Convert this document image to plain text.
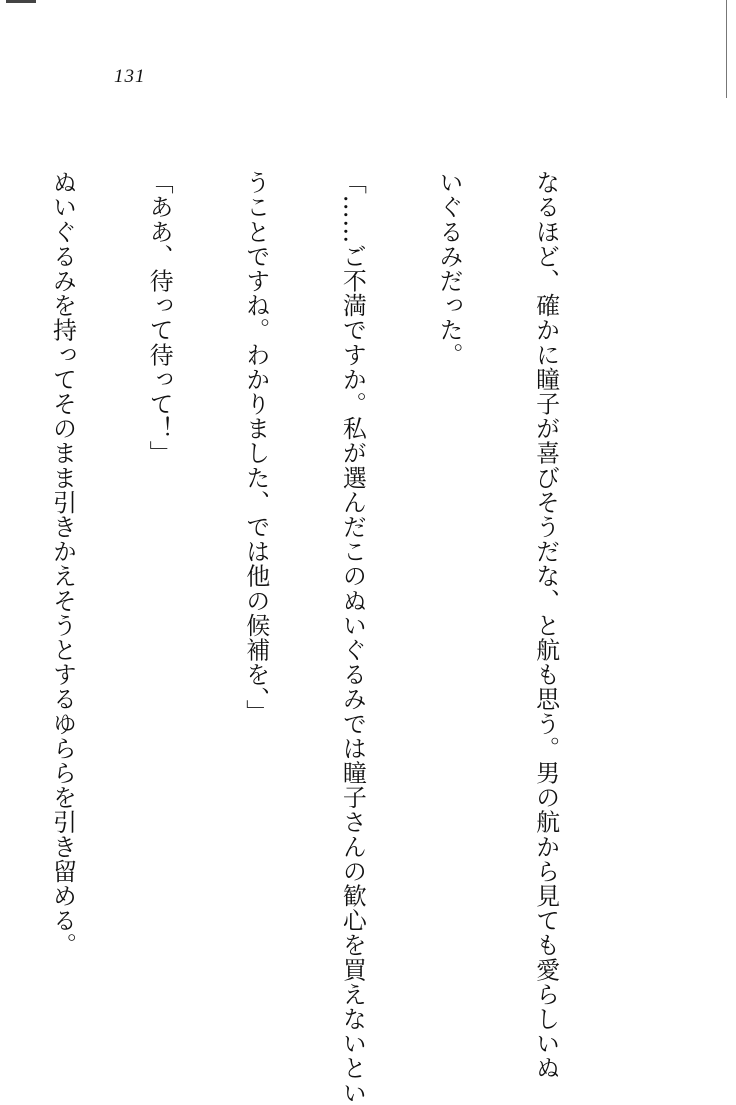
131

なるほど、確かに瞳子が喜びそうだな、と航も思う。男の航から見ても愛らしいぬ

いぐるみだった。

「……ご不満ですか。私が選んだこのぬいぐるみでは瞳子さんの歓心を買えないとい

うことですね。わかりました、では他の候補を、」

「ああ、待って待って！」

ぬいぐるみを持ってそのまま引きかえそうとするゆららを引き留める。
